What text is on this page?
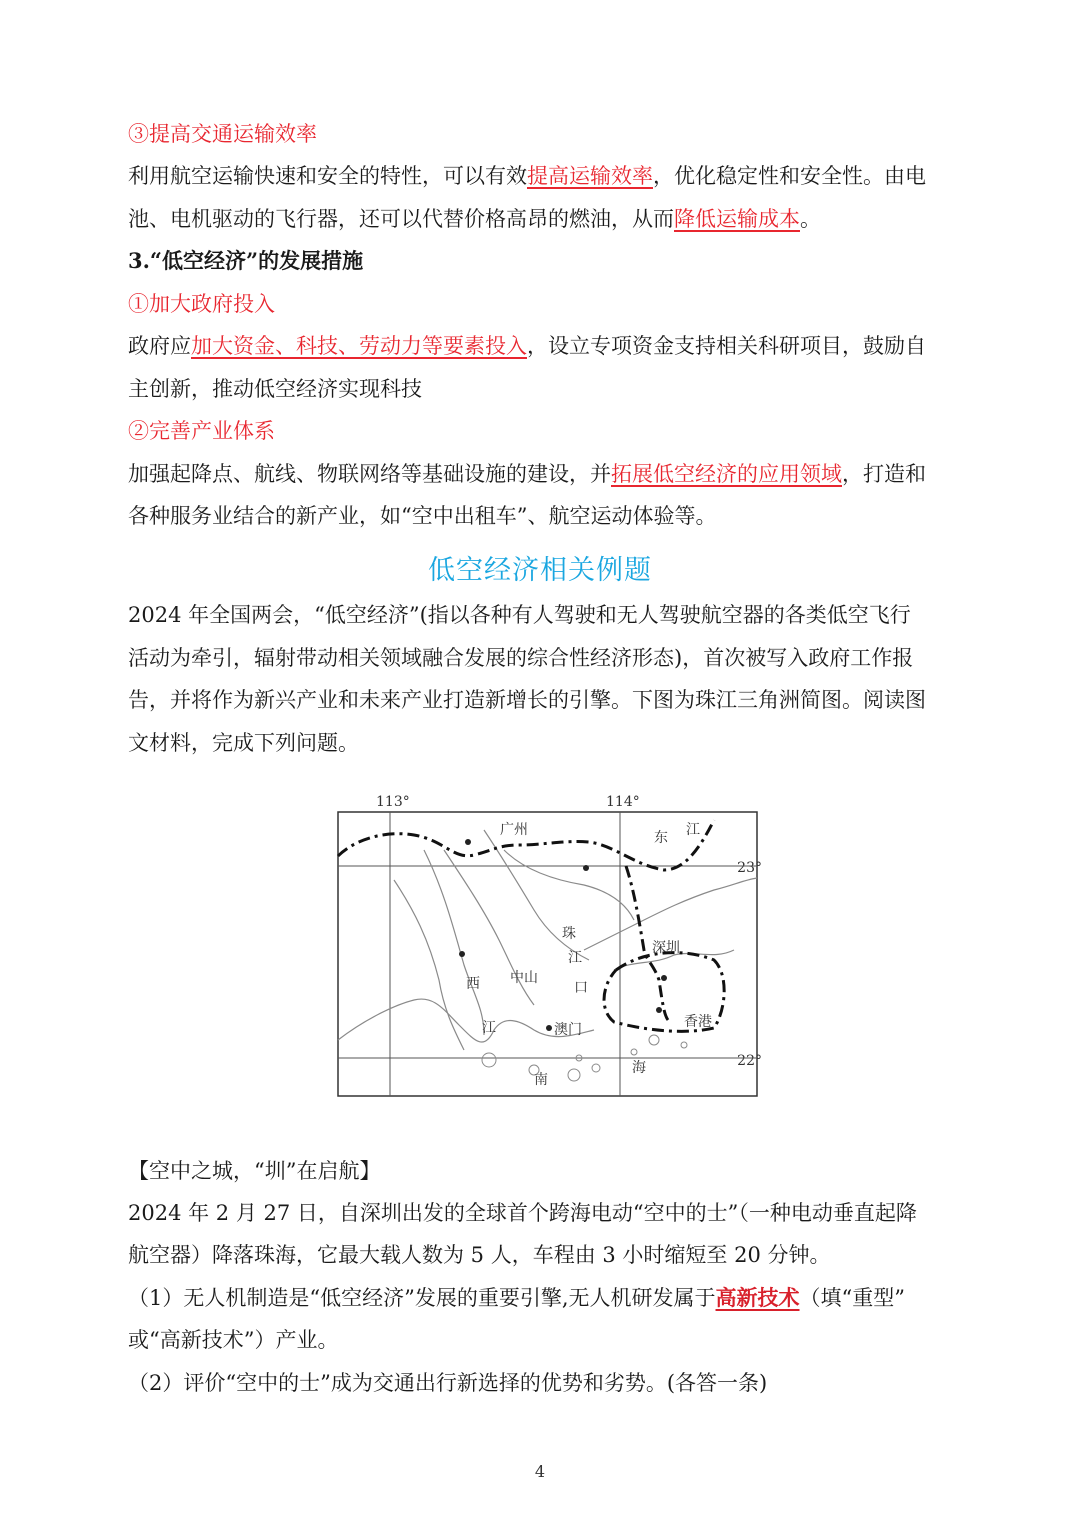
③提高交通运输效率
利用航空运输快速和安全的特性，可以有效提高运输效率，优化稳定性和安全性。由电
池、电机驱动的飞行器，还可以代替价格高昂的燃油，从而降低运输成本。
3.“低空经济”的发展措施
①加大政府投入
政府应加大资金、科技、劳动力等要素投入，设立专项资金支持相关科研项目，鼓励自
主创新，推动低空经济实现科技
②完善产业体系
加强起降点、航线、物联网络等基础设施的建设，并拓展低空经济的应用领域，打造和
各种服务业结合的新产业，如“空中出租车”、航空运动体验等。
低空经济相关例题
2024 年全国两会，“低空经济”(指以各种有人驾驶和无人驾驶航空器的各类低空飞行
活动为牵引，辐射带动相关领域融合发展的综合性经济形态)，首次被写入政府工作报
告，并将作为新兴产业和未来产业打造新增长的引擎。下图为珠江三角洲简图。阅读图
文材料，完成下列问题。
113°	114°
23°
22°
广州	东 江
珠
江
口
深圳
中山
西
江	澳门	香港
南
海
【空中之城，“圳”在启航】
2024 年 2 月 27 日，自深圳出发的全球首个跨海电动“空中的士”（一种电动垂直起降
航空器）降落珠海，它最大载人数为 5 人，车程由 3 小时缩短至 20 分钟。
（1）无人机制造是“低空经济”发展的重要引擎,无人机研发属于高新技术（填“重型”
或“高新技术”）产业。
（2）评价“空中的士”成为交通出行新选择的优势和劣势。(各答一条)
4
